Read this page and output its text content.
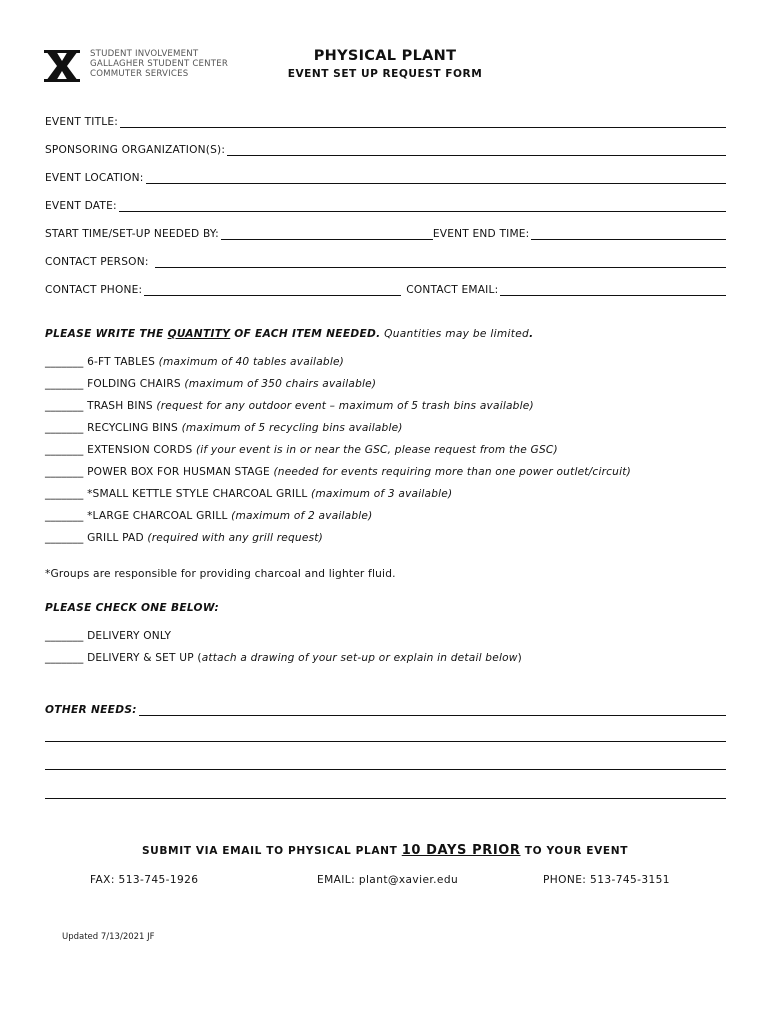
STUDENT INVOLVEMENT
GALLAGHER STUDENT CENTER
COMMUTER SERVICES
PHYSICAL PLANT
EVENT SET UP REQUEST FORM
EVENT TITLE:
SPONSORING ORGANIZATION(S):
EVENT LOCATION:
EVENT DATE:
START TIME/SET-UP NEEDED BY:	EVENT END TIME:
CONTACT PERSON:
CONTACT PHONE:	CONTACT EMAIL:
PLEASE WRITE THE QUANTITY OF EACH ITEM NEEDED. Quantities may be limited.
_______ 6-FT TABLES (maximum of 40 tables available)
_______ FOLDING CHAIRS (maximum of 350 chairs available)
_______ TRASH BINS (request for any outdoor event – maximum of 5 trash bins available)
_______ RECYCLING BINS (maximum of 5 recycling bins available)
_______ EXTENSION CORDS (if your event is in or near the GSC, please request from the GSC)
_______ POWER BOX FOR HUSMAN STAGE (needed for events requiring more than one power outlet/circuit)
_______ *SMALL KETTLE STYLE CHARCOAL GRILL (maximum of 3 available)
_______ *LARGE CHARCOAL GRILL (maximum of 2 available)
_______ GRILL PAD (required with any grill request)
*Groups are responsible for providing charcoal and lighter fluid.
PLEASE CHECK ONE BELOW:
_______ DELIVERY ONLY
_______ DELIVERY & SET UP (attach a drawing of your set-up or explain in detail below)
OTHER NEEDS:
SUBMIT VIA EMAIL TO PHYSICAL PLANT 10 DAYS PRIOR TO YOUR EVENT
FAX: 513-745-1926	EMAIL: plant@xavier.edu	PHONE: 513-745-3151
Updated 7/13/2021 JF
